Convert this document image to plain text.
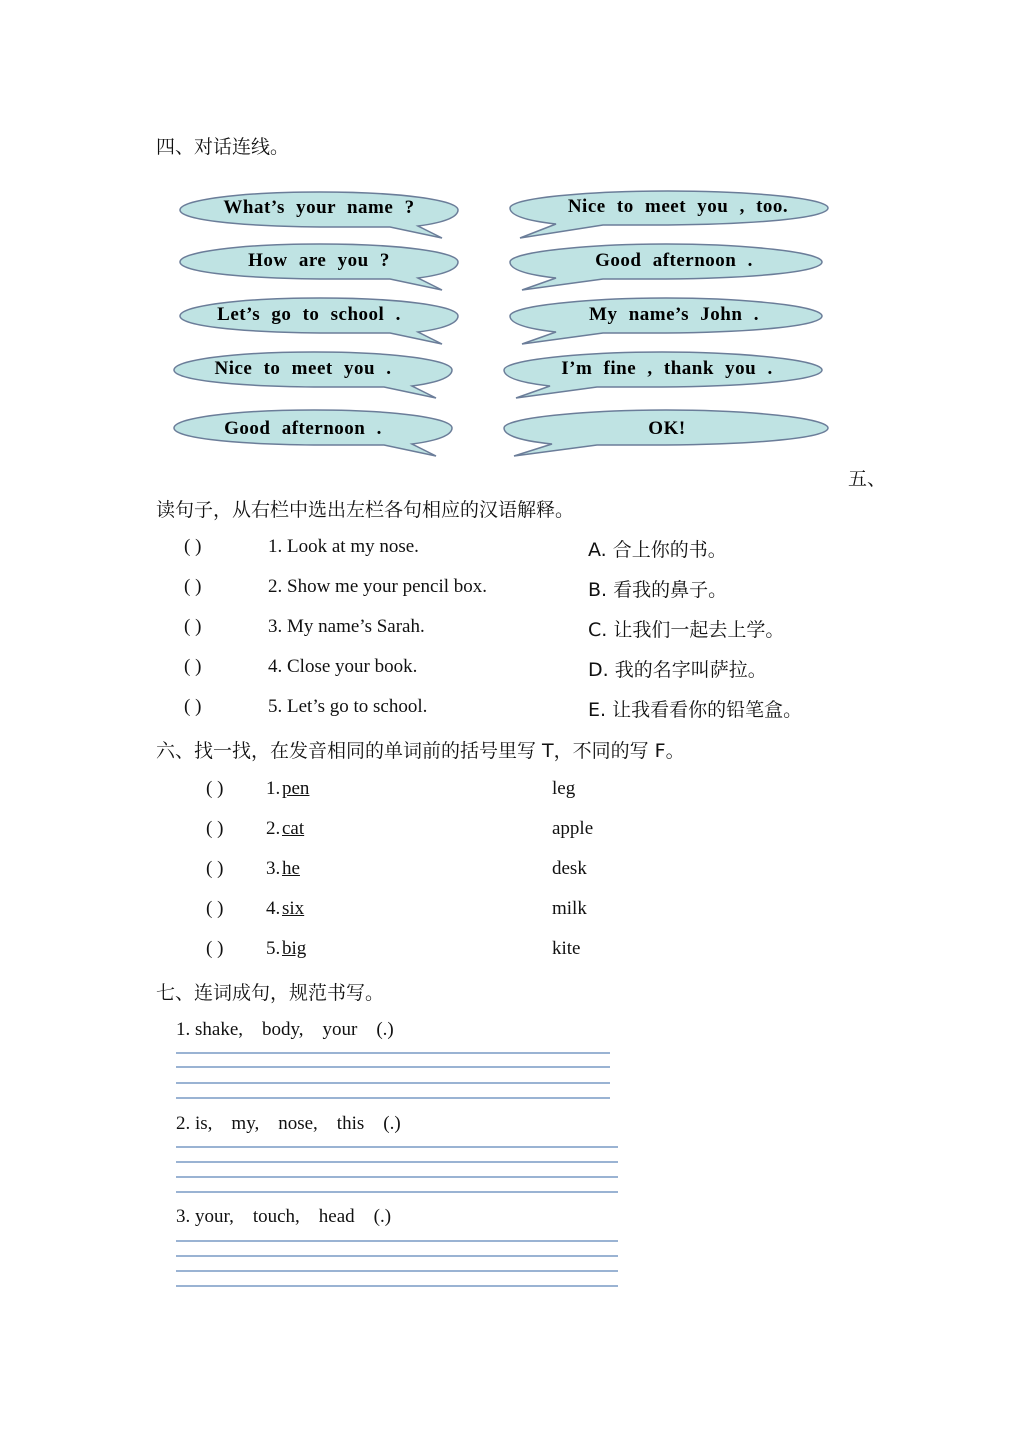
四、对话连线。
What’s your name ?
How are you ?
Let’s go to school .
Nice to meet you .
Good afternoon .
Nice to meet you , too.
Good afternoon .
My name’s John .
I’m fine , thank you .
OK!
五、
读句子，从右栏中选出左栏各句相应的汉语解释。
( )	1. Look at my nose.	A. 合上你的书。
( )	2. Show me your pencil box.	B. 看我的鼻子。
( )	3. My name’s Sarah.	C. 让我们一起去上学。
( )	4. Close your book.	D. 我的名字叫萨拉。
( )	5. Let’s go to school.	E. 让我看看你的铅笔盒。
六、找一找，在发音相同的单词前的括号里写 T，不同的写 F。
( ) 1. pen	leg
( ) 2. cat	apple
( ) 3. he	desk
( ) 4. six	milk
( ) 5. big	kite
七、连词成句，规范书写。
1. shake,    body,    your    (.)
2. is,    my,    nose,    this    (.)
3. your,    touch,    head    (.)
